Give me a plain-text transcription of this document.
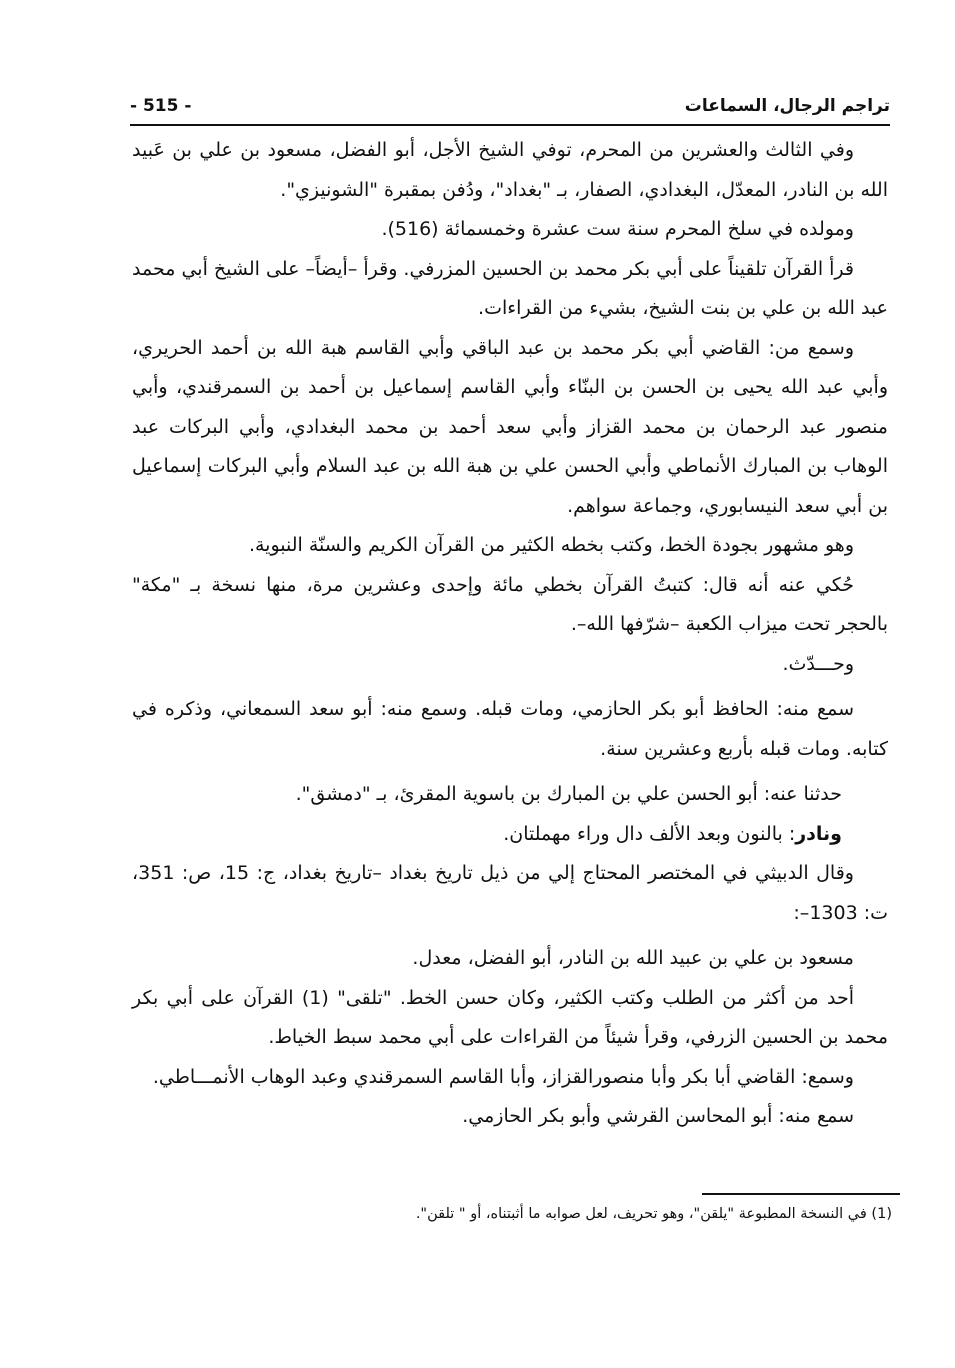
تراجم الرجال، السماعات
- 515 -

وفي الثالث والعشرين من المحرم، توفي الشيخ الأجل، أبو الفضل، مسعود بن علي بن عَبيد الله بن النادر، المعدّل، البغدادي، الصفار، بـ "بغداد"، ودُفن بمقبرة "الشونيزي".

ومولده في سلخ المحرم سنة ست عشرة وخمسمائة (516).

قرأ القرآن تلقيناً على أبي بكر محمد بن الحسين المزرفي. وقرأ –أيضاً– على الشيخ أبي محمد عبد الله بن علي بن بنت الشيخ، بشيء من القراءات.

وسمع من: القاضي أبي بكر محمد بن عبد الباقي وأبي القاسم هبة الله بن أحمد الحريري، وأبي عبد الله يحيى بن الحسن بن البنّاء وأبي القاسم إسماعيل بن أحمد بن السمرقندي، وأبي منصور عبد الرحمان بن محمد القزاز وأبي سعد أحمد بن محمد البغدادي، وأبي البركات عبد الوهاب بن المبارك الأنماطي وأبي الحسن علي بن هبة الله بن عبد السلام وأبي البركات إسماعيل بن أبي سعد النيسابوري، وجماعة سواهم.

وهو مشهور بجودة الخط، وكتب بخطه الكثير من القرآن الكريم والسنّة النبوية.

حُكي عنه أنه قال: كتبتُ القرآن بخطي مائة وإحدى وعشرين مرة، منها نسخة بـ "مكة" بالحجر تحت ميزاب الكعبة –شرّفها الله–.

وحـــدّث.

سمع منه: الحافظ أبو بكر الحازمي، ومات قبله. وسمع منه: أبو سعد السمعاني، وذكره في كتابه. ومات قبله بأربع وعشرين سنة.

حدثنا عنه: أبو الحسن علي بن المبارك بن باسوية المقرئ، بـ "دمشق".

ونادر: بالنون وبعد الألف دال وراء مهملتان.

وقال الدبيثي في المختصر المحتاج إلي من ذيل تاريخ بغداد –تاريخ بغداد، ج: 15، ص: 351، ت: 1303–:

مسعود بن علي بن عبيد الله بن النادر، أبو الفضل، معدل.

أحد من أكثر من الطلب وكتب الكثير، وكان حسن الخط. "تلقى" (1) القرآن على أبي بكر محمد بن الحسين الزرفي، وقرأ شيئاً من القراءات على أبي محمد سبط الخياط.

وسمع: القاضي أبا بكر وأبا منصورالقزاز، وأبا القاسم السمرقندي وعبد الوهاب الأنمـــاطي.

سمع منه: أبو المحاسن القرشي وأبو بكر الحازمي.

(1) في النسخة المطبوعة "يلقن"، وهو تحريف، لعل صوابه ما أثبتناه، أو " تلقن".
